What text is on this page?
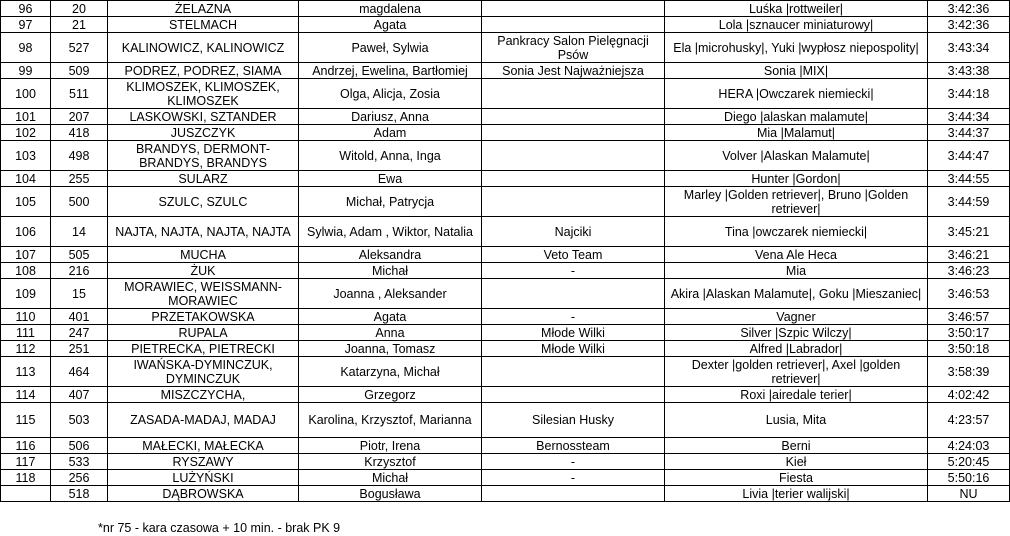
96	20	ŻELAZNA	magdalena		Luśka |rottweiler|	3:42:36
97	21	STELMACH	Agata		Lola |sznaucer miniaturowy|	3:42:36
98	527	KALINOWICZ, KALINOWICZ	Paweł, Sylwia	Pankracy Salon Pielęgnacji Psów	Ela |microhusky|, Yuki |wypłosz niepospolity|	3:43:34
99	509	PODREZ, PODREZ, SIAMA	Andrzej, Ewelina, Bartłomiej	Sonia Jest Najważniejsza	Sonia |MIX|	3:43:38
100	511	KLIMOSZEK, KLIMOSZEK, KLIMOSZEK	Olga, Alicja, Zosia		HERA |Owczarek niemiecki|	3:44:18
101	207	LASKOWSKI, SZTANDER	Dariusz, Anna		Diego |alaskan malamute|	3:44:34
102	418	JUSZCZYK	Adam		Mia |Malamut|	3:44:37
103	498	BRANDYS, DERMONT-BRANDYS, BRANDYS	Witold, Anna, Inga		Volver |Alaskan Malamute|	3:44:47
104	255	SULARZ	Ewa		Hunter |Gordon|	3:44:55
105	500	SZULC, SZULC	Michał, Patrycja		Marley |Golden retriever|, Bruno |Golden retriever|	3:44:59
106	14	NAJTA, NAJTA, NAJTA, NAJTA	Sylwia, Adam , Wiktor, Natalia	Najciki	Tina |owczarek niemiecki|	3:45:21
107	505	MUCHA	Aleksandra	Veto Team	Vena Ale Heca	3:46:21
108	216	ŻUK	Michał	-	Mia	3:46:23
109	15	MORAWIEC, WEISSMANN-MORAWIEC	Joanna , Aleksander		Akira |Alaskan Malamute|, Goku |Mieszaniec|	3:46:53
110	401	PRZETAKOWSKA	Agata	-	Vagner	3:46:57
111	247	RUPALA	Anna	Młode Wilki	Silver |Szpic Wilczy|	3:50:17
112	251	PIETRECKA, PIETRECKI	Joanna, Tomasz	Młode Wilki	Alfred |Labrador|	3:50:18
113	464	IWAŃSKA-DYMINCZUK, DYMINCZUK	Katarzyna, Michał		Dexter |golden retriever|, Axel |golden retriever|	3:58:39
114	407	MISZCZYCHA,	Grzegorz		Roxi |airedale terier|	4:02:42
115	503	ZASADA-MADAJ, MADAJ	Karolina, Krzysztof, Marianna	Silesian Husky	Lusia, Mita	4:23:57
116	506	MAŁECKI, MAŁECKA	Piotr, Irena	Bernossteam	Berni	4:24:03
117	533	RYSZAWY	Krzysztof	-	Kieł	5:20:45
118	256	LUŻYŃSKI	Michał	-	Fiesta	5:50:16
	518	DĄBROWSKA	Bogusława		Livia |terier walijski|	NU
*nr 75 - kara czasowa + 10 min. - brak PK 9
